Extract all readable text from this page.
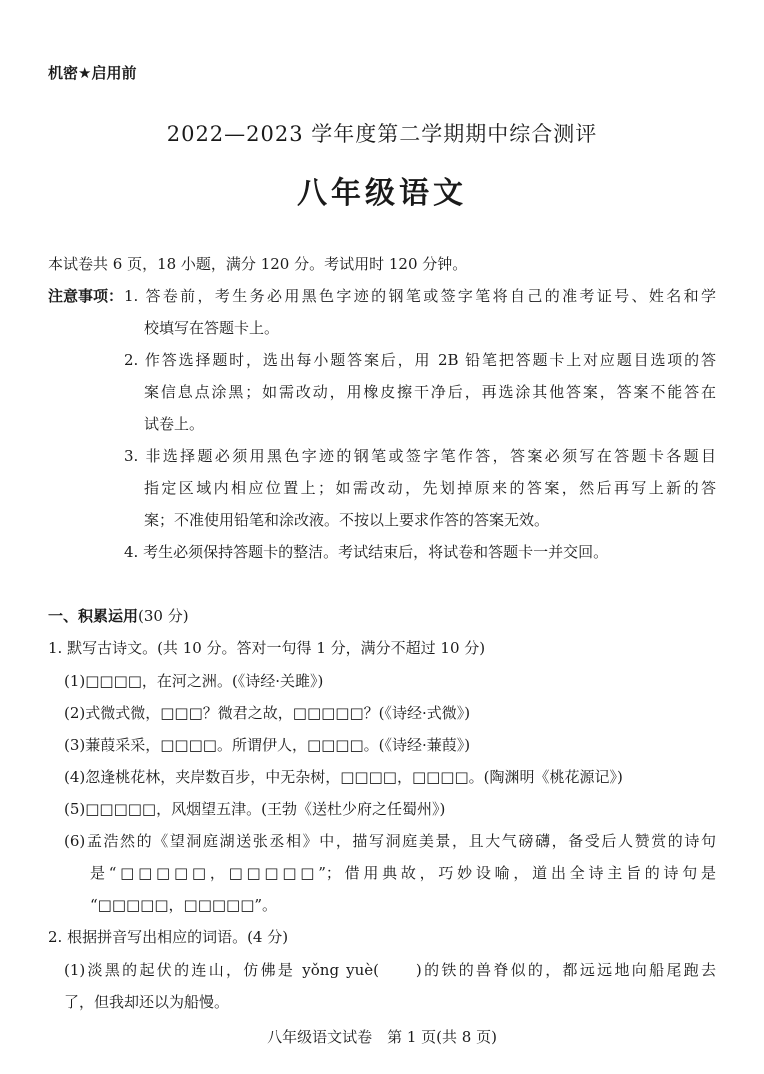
机密★启用前
2022—2023 学年度第二学期期中综合测评
八年级语文
本试卷共 6 页，18 小题，满分 120 分。考试用时 120 分钟。
注意事项： 1. 答卷前，考生务必用黑色字迹的钢笔或签字笔将自己的准考证号、姓名和学
校填写在答题卡上。
2. 作答选择题时，选出每小题答案后，用 2B 铅笔把答题卡上对应题目选项的答
案信息点涂黑；如需改动，用橡皮擦干净后，再选涂其他答案，答案不能答在
试卷上。
3. 非选择题必须用黑色字迹的钢笔或签字笔作答，答案必须写在答题卡各题目
指定区域内相应位置上；如需改动，先划掉原来的答案，然后再写上新的答
案；不准使用铅笔和涂改液。不按以上要求作答的答案无效。
4. 考生必须保持答题卡的整洁。考试结束后，将试卷和答题卡一并交回。
一、积累运用(30 分)
1. 默写古诗文。(共 10 分。答对一句得 1 分，满分不超过 10 分)
(1)□□□□，在河之洲。(《诗经·关雎》)
(2)式微式微，□□□？微君之故，□□□□□？(《诗经·式微》)
(3)蒹葭采采，□□□□。所谓伊人，□□□□。(《诗经·蒹葭》)
(4)忽逢桃花林，夹岸数百步，中无杂树，□□□□，□□□□。(陶渊明《桃花源记》)
(5)□□□□□，风烟望五津。(王勃《送杜少府之任蜀州》)
(6)孟浩然的《望洞庭湖送张丞相》中，描写洞庭美景，且大气磅礴，备受后人赞赏的诗句
是“□□□□□，□□□□□”；借用典故，巧妙设喻，道出全诗主旨的诗句是
“□□□□□，□□□□□”。
2. 根据拼音写出相应的词语。(4 分)
(1)淡黑的起伏的连山，仿佛是 yǒng yuè(　　)的铁的兽脊似的，都远远地向船尾跑去
了，但我却还以为船慢。
八年级语文试卷　第 1 页(共 8 页)
